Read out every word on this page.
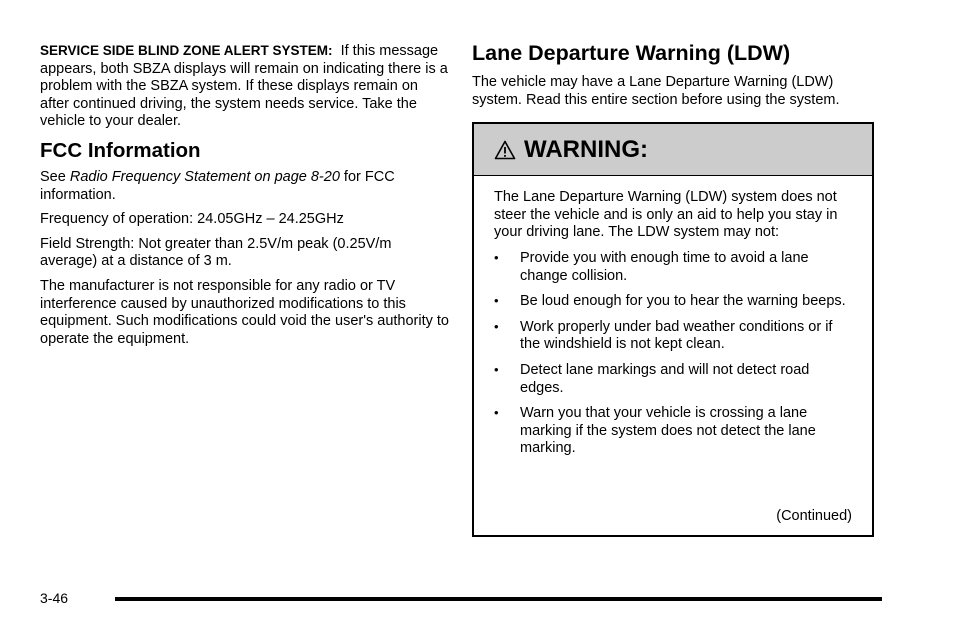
SERVICE SIDE BLIND ZONE ALERT SYSTEM: If this message appears, both SBZA displays will remain on indicating there is a problem with the SBZA system. If these displays remain on after continued driving, the system needs service. Take the vehicle to your dealer.

FCC Information

See Radio Frequency Statement on page 8-20 for FCC information.

Frequency of operation: 24.05GHz – 24.25GHz

Field Strength: Not greater than 2.5V/m peak (0.25V/m average) at a distance of 3 m.

The manufacturer is not responsible for any radio or TV interference caused by unauthorized modifications to this equipment. Such modifications could void the user's authority to operate the equipment.

Lane Departure Warning (LDW)

The vehicle may have a Lane Departure Warning (LDW) system. Read this entire section before using the system.

WARNING:

The Lane Departure Warning (LDW) system does not steer the vehicle and is only an aid to help you stay in your driving lane. The LDW system may not:

• Provide you with enough time to avoid a lane change collision.
• Be loud enough for you to hear the warning beeps.
• Work properly under bad weather conditions or if the windshield is not kept clean.
• Detect lane markings and will not detect road edges.
• Warn you that your vehicle is crossing a lane marking if the system does not detect the lane marking.
(Continued)
3-46
